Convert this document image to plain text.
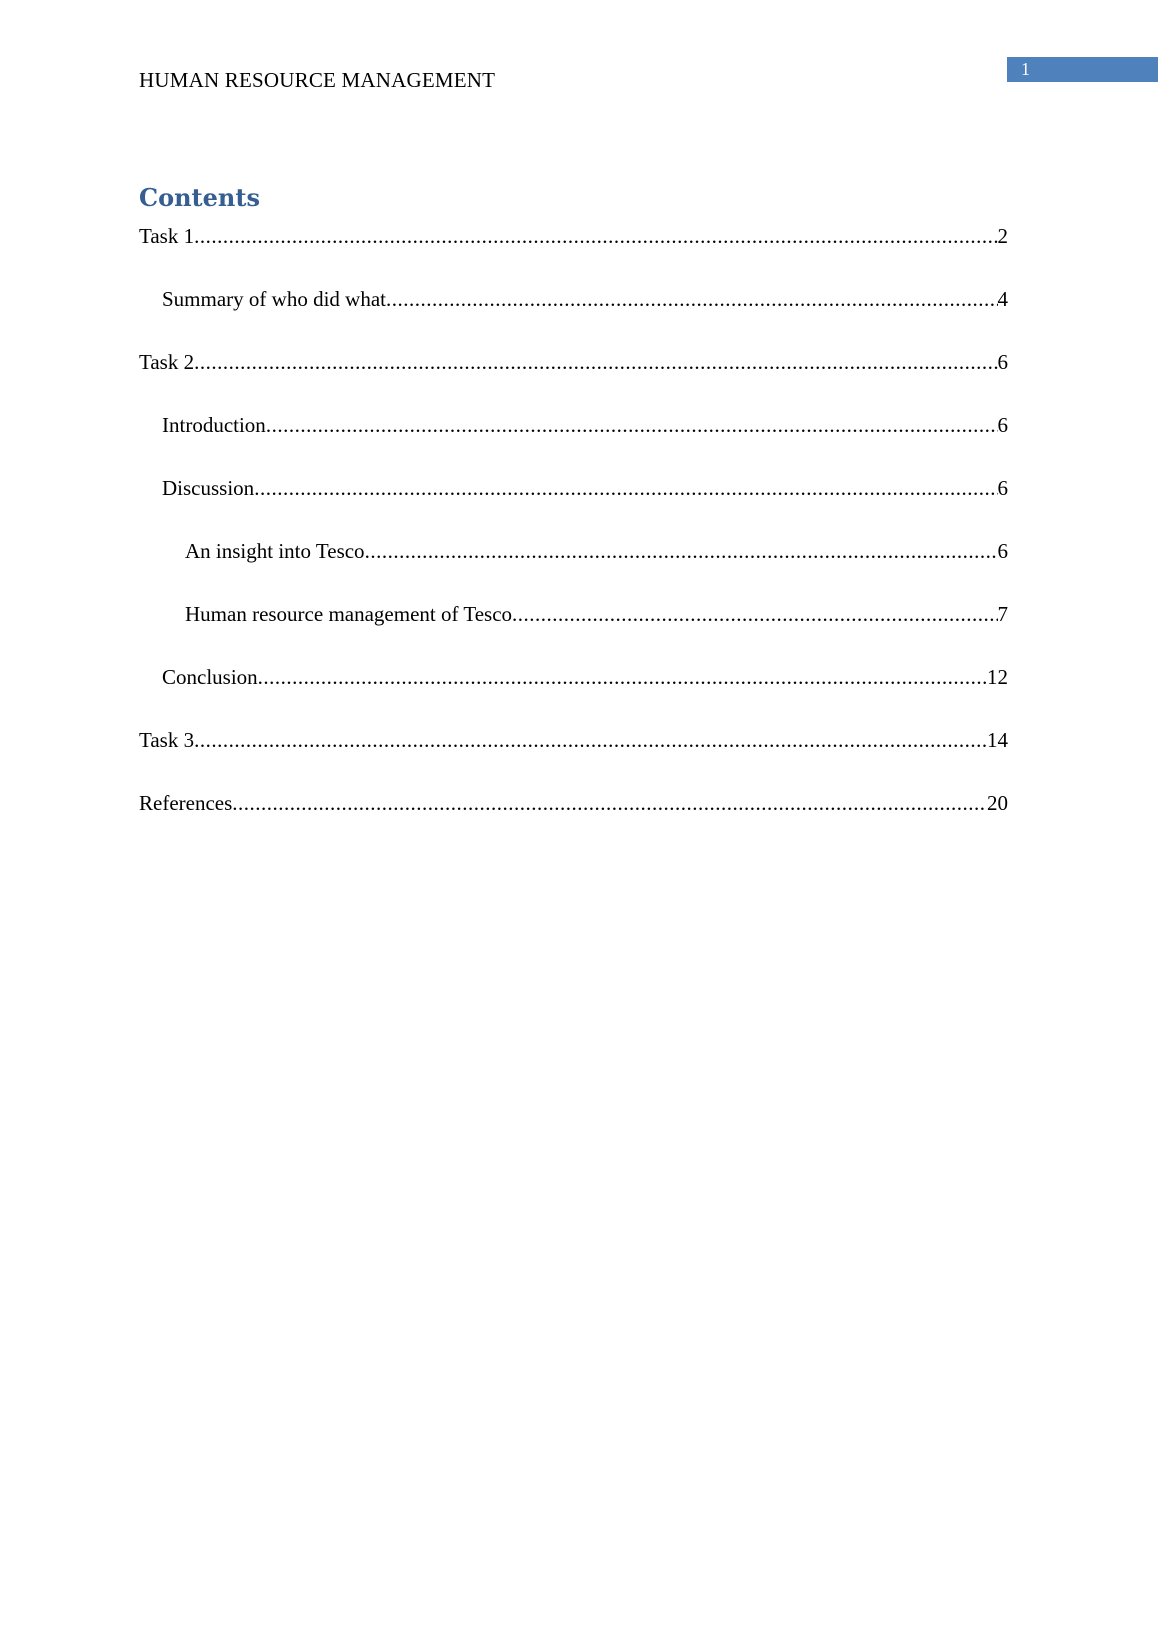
HUMAN RESOURCE MANAGEMENT	1
Contents
Task 1 .....	2
Summary of who did what .....	4
Task 2 .....	6
Introduction .....	6
Discussion .....	6
An insight into Tesco .....	6
Human resource management of Tesco .....	7
Conclusion .....	12
Task 3 .....	14
References .....	20
